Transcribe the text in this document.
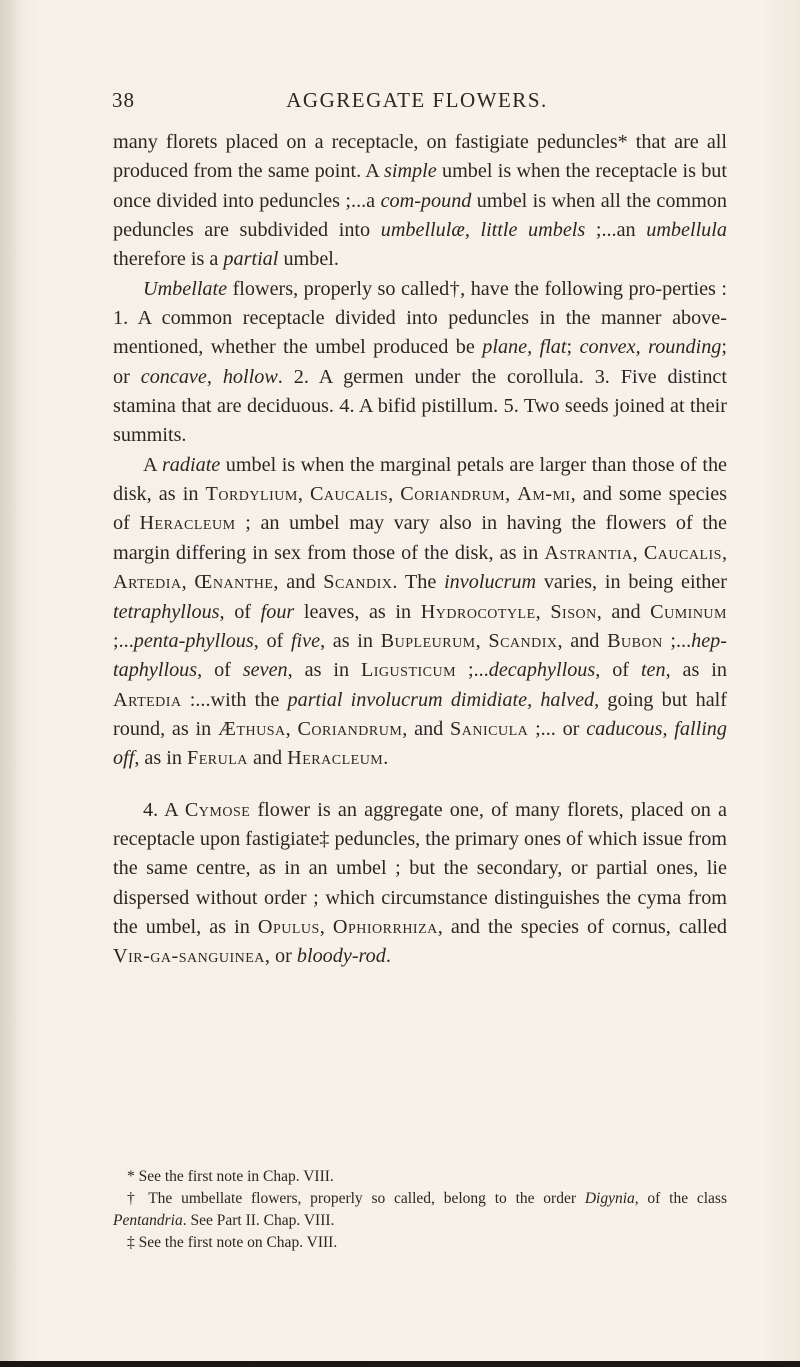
38	AGGREGATE FLOWERS.

many florets placed on a receptacle, on fastigiate peduncles* that are all produced from the same point. A simple umbel is when the receptacle is but once divided into peduncles ;...a com-pound umbel is when all the common peduncles are subdivided into umbellulæ, little umbels ;...an umbellula therefore is a partial umbel.

Umbellate flowers, properly so called†, have the following pro-perties : 1. A common receptacle divided into peduncles in the manner above-mentioned, whether the umbel produced be plane, flat; convex, rounding; or concave, hollow. 2. A germen under the corollula. 3. Five distinct stamina that are deciduous. 4. A bifid pistillum. 5. Two seeds joined at their summits.

A radiate umbel is when the marginal petals are larger than those of the disk, as in Tordylium, Caucalis, Coriandrum, Am-mi, and some species of Heracleum ; an umbel may vary also in having the flowers of the margin differing in sex from those of the disk, as in Astrantia, Caucalis, Artedia, Œnanthe, and Scandix. The involucrum varies, in being either tetraphyllous, of four leaves, as in Hydrocotyle, Sison, and Cuminum ;...penta-phyllous, of five, as in Bupleurum, Scandix, and Bubon ;...hep-taphyllous, of seven, as in Ligusticum ;...decaphyllous, of ten, as in Artedia :...with the partial involucrum dimidiate, halved, going but half round, as in Æthusa, Coriandrum, and Sanicula ;... or caducous, falling off, as in Ferula and Heracleum.

4. A Cymose flower is an aggregate one, of many florets, placed on a receptacle upon fastigiate‡ peduncles, the primary ones of which issue from the same centre, as in an umbel ; but the secondary, or partial ones, lie dispersed without order ; which circumstance distinguishes the cyma from the umbel, as in Opulus, Ophiorrhiza, and the species of cornus, called Vir-ga-sanguinea, or bloody-rod.

* See the first note in Chap. VIII.

† The umbellate flowers, properly so called, belong to the order Digynia, of the class Pentandria. See Part II. Chap. VIII.

‡ See the first note on Chap. VIII.
